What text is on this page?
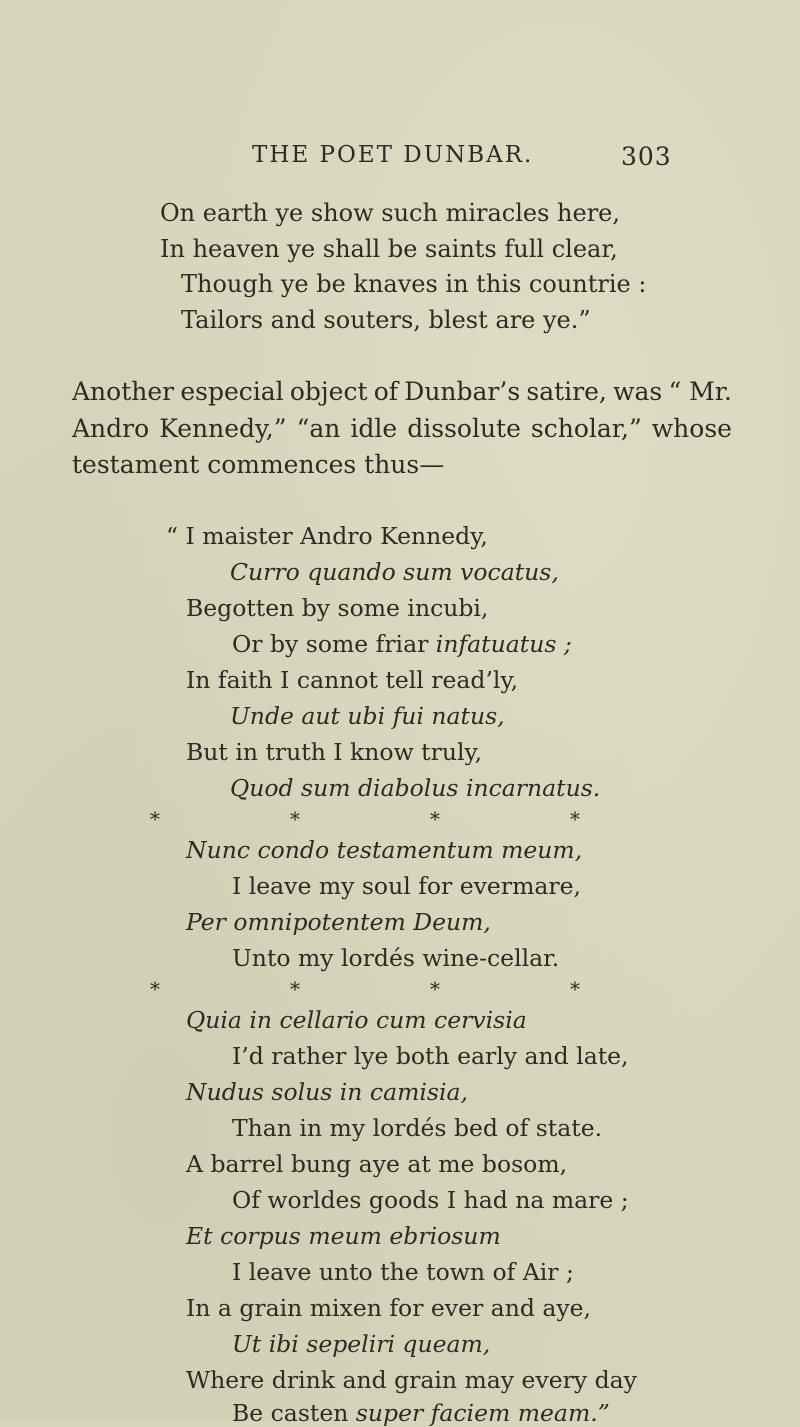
THE POET DUNBAR.	303
On earth ye show such miracles here,
In heaven ye shall be saints full clear,
Though ye be knaves in this countrie :
Tailors and souters, blest are ye.”
Another especial object of Dunbar’s satire, was “ Mr.
Andro Kennedy,” “an idle dissolute scholar,” whose
testament commences thus—
“ I maister Andro Kennedy,
Curro quando sum vocatus,
Begotten by some incubi,
Or by some friar infatuatus ;
In faith I cannot tell read’ly,
Unde aut ubi fui natus,
But in truth I know truly,
Quod sum diabolus incarnatus.
*	*	*	*
Nunc condo testamentum meum,
I leave my soul for evermare,
Per omnipotentem Deum,
Unto my lordés wine-cellar.
*	*	*	*
Quia in cellario cum cervisia
I’d rather lye both early and late,
Nudus solus in camisia,
Than in my lordés bed of state.
A barrel bung aye at me bosom,
Of worldes goods I had na mare ;
Et corpus meum ebriosum
I leave unto the town of Air ;
In a grain mixen for ever and aye,
Ut ibi sepeliri queam,
Where drink and grain may every day
Be casten super faciem meam.”
